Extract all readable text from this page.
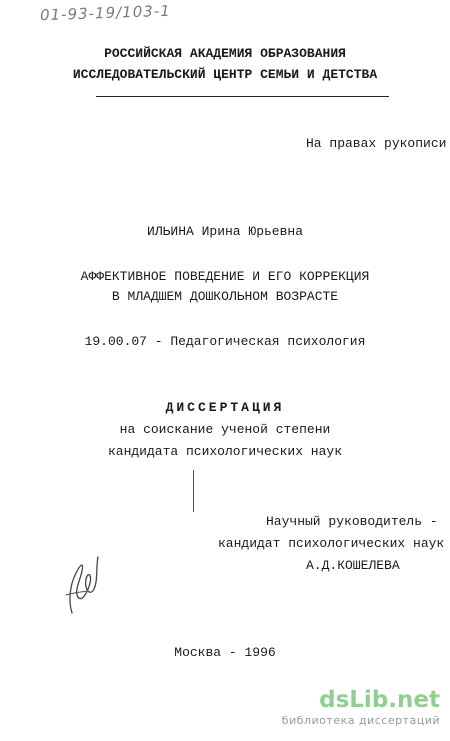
01-93-19/103-1
РОССИЙСКАЯ АКАДЕМИЯ ОБРАЗОВАНИЯ
ИССЛЕДОВАТЕЛЬСКИЙ ЦЕНТР СЕМЬИ И ДЕТСТВА
На правах рукописи
ИЛЬИНА Ирина Юрьевна
АФФЕКТИВНОЕ ПОВЕДЕНИЕ И ЕГО КОРРЕКЦИЯ
В МЛАДШЕМ ДОШКОЛЬНОМ ВОЗРАСТЕ
19.00.07 - Педагогическая психология
ДИССЕРТАЦИЯ
на соискание ученой степени
кандидата психологических наук
Научный руководитель -
кандидат психологических наук
А.Д.КОШЕЛЕВА
Москва - 1996
dsLib.net
библиотека диссертаций
